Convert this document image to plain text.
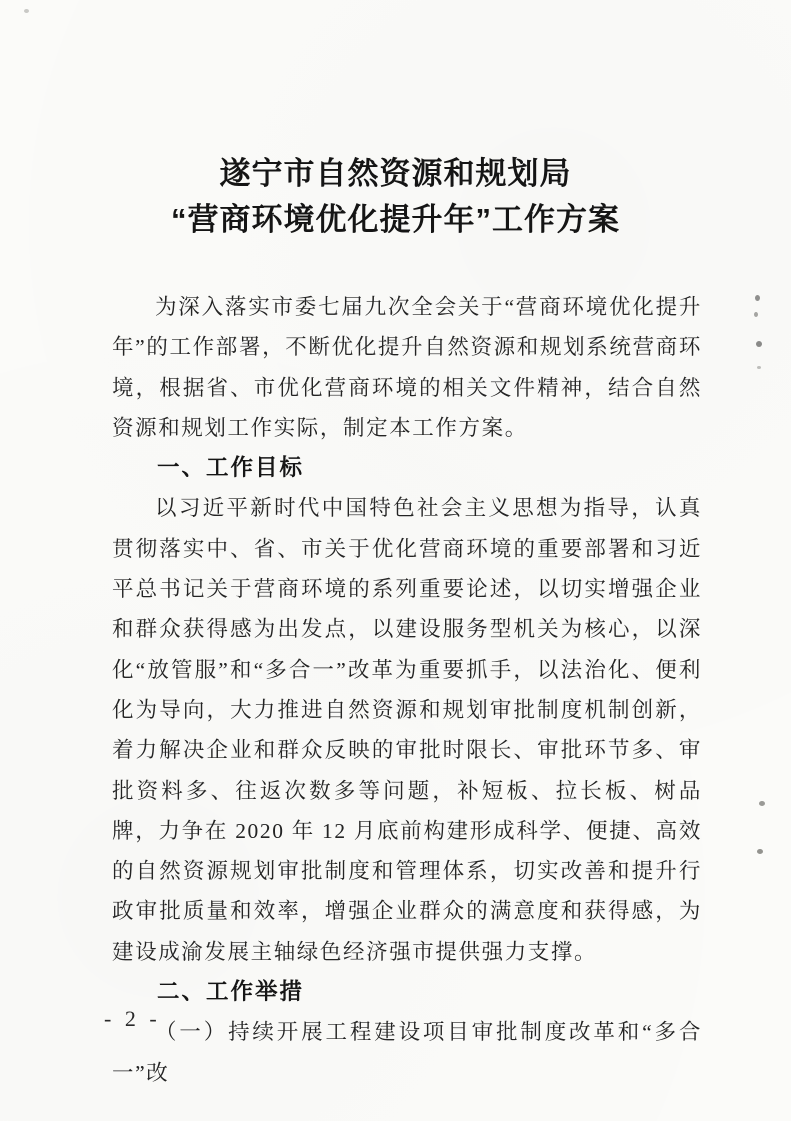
遂宁市自然资源和规划局
“营商环境优化提升年”工作方案

为深入落实市委七届九次全会关于“营商环境优化提升年”的工作部署，不断优化提升自然资源和规划系统营商环境，根据省、市优化营商环境的相关文件精神，结合自然资源和规划工作实际，制定本工作方案。

一、工作目标

以习近平新时代中国特色社会主义思想为指导，认真贯彻落实中、省、市关于优化营商环境的重要部署和习近平总书记关于营商环境的系列重要论述，以切实增强企业和群众获得感为出发点，以建设服务型机关为核心，以深化“放管服”和“多合一”改革为重要抓手，以法治化、便利化为导向，大力推进自然资源和规划审批制度机制创新，着力解决企业和群众反映的审批时限长、审批环节多、审批资料多、往返次数多等问题，补短板、拉长板、树品牌，力争在 2020 年 12 月底前构建形成科学、便捷、高效的自然资源规划审批制度和管理体系，切实改善和提升行政审批质量和效率，增强企业群众的满意度和获得感，为建设成渝发展主轴绿色经济强市提供强力支撑。

二、工作举措

（一）持续开展工程建设项目审批制度改革和“多合一”改

- 2 -
